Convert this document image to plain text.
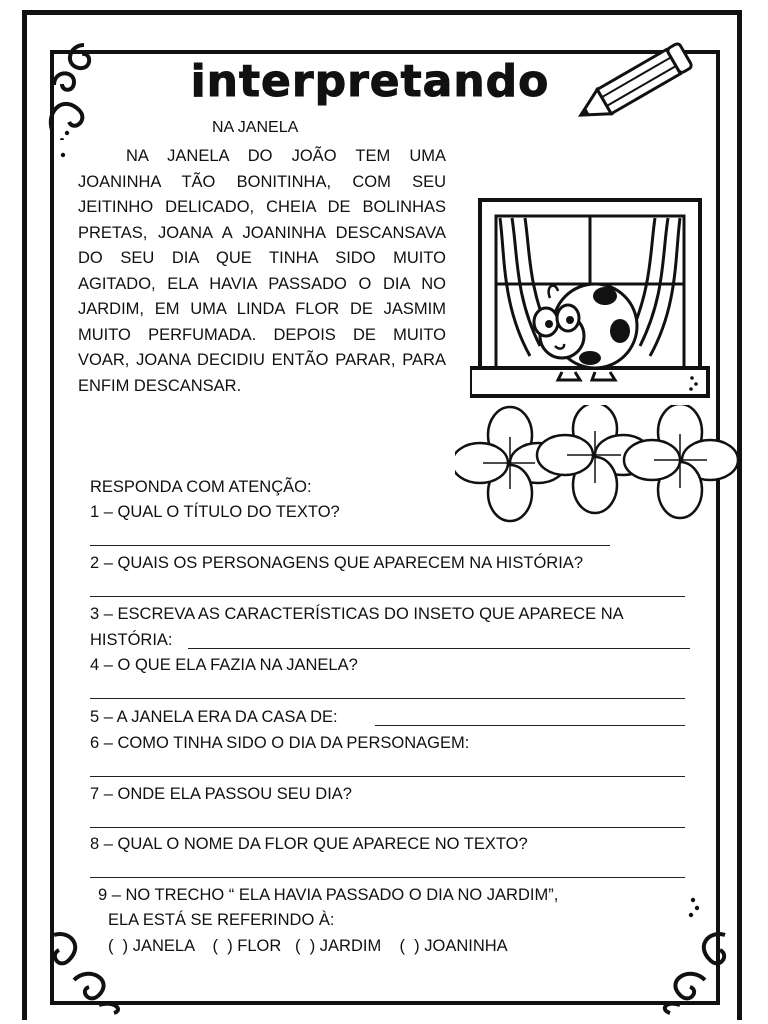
interpretando
NA JANELA

NA JANELA DO JOÃO TEM UMA JOANINHA TÃO BONITINHA, COM SEU JEITINHO DELICADO, CHEIA DE BOLINHAS PRETAS, JOANA A JOANINHA DESCANSAVA DO SEU DIA QUE TINHA SIDO MUITO AGITADO, ELA HAVIA PASSADO O DIA NO JARDIM, EM UMA LINDA FLOR DE JASMIM MUITO PERFUMADA. DEPOIS DE MUITO VOAR, JOANA DECIDIU ENTÃO PARAR, PARA ENFIM DESCANSAR.

RESPONDA COM ATENÇÃO:
1 – QUAL O TÍTULO DO TEXTO?
2 – QUAIS OS PERSONAGENS QUE APARECEM NA HISTÓRIA?
3 – ESCREVA AS CARACTERÍSTICAS DO INSETO QUE APARECE NA
HISTÓRIA:
4 – O QUE ELA FAZIA NA JANELA?
5 – A JANELA ERA DA CASA DE:
6 – COMO TINHA SIDO O DIA DA PERSONAGEM:
7 – ONDE ELA PASSOU SEU DIA?
8 – QUAL O NOME DA FLOR QUE APARECE NO TEXTO?
9 – NO TRECHO “ ELA HAVIA PASSADO O DIA NO JARDIM”,
ELA ESTÁ SE REFERINDO À:
(  ) JANELA    (  ) FLOR   (  ) JARDIM    (  ) JOANINHA
